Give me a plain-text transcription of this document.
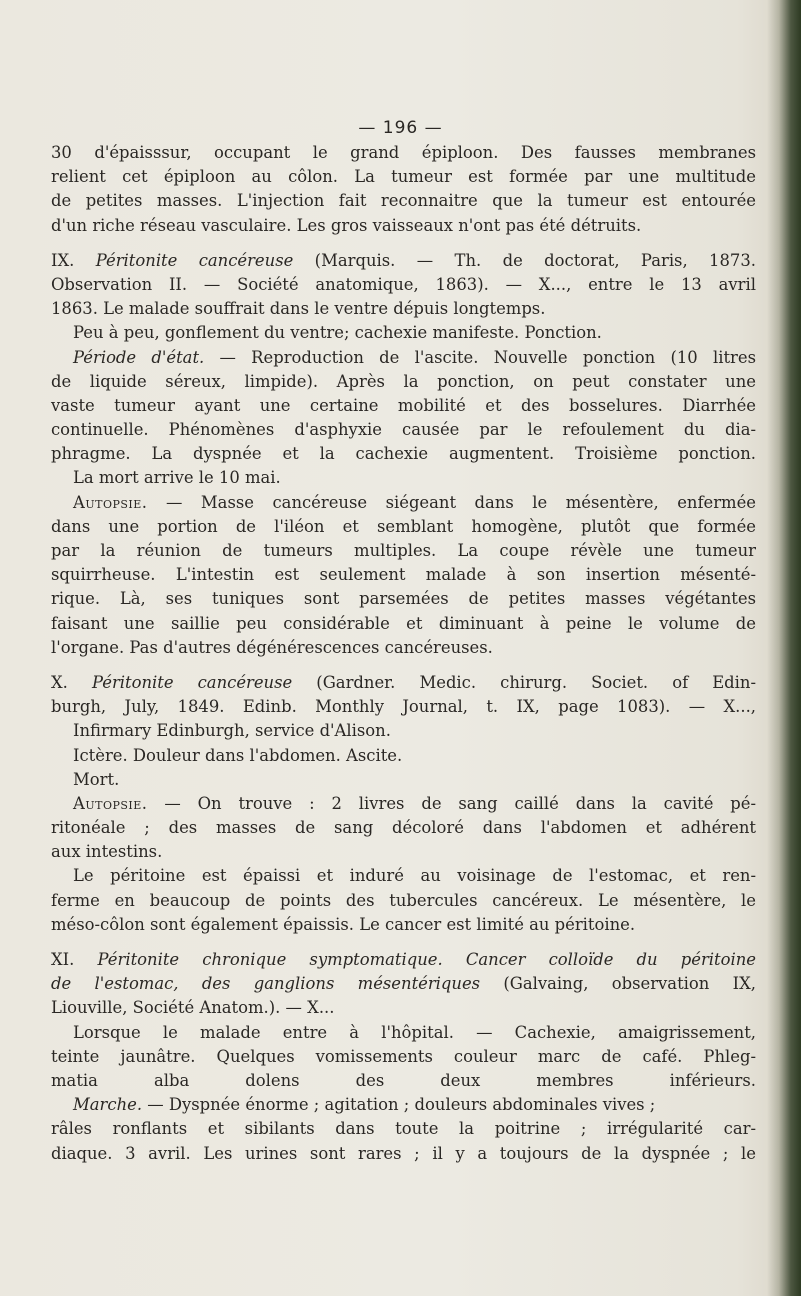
— 196 —
30 d'épaisssur, occupant le grand épiploon. Des fausses membranes
relient cet épiploon au côlon. La tumeur est formée par une multitude
de petites masses. L'injection fait reconnaitre que la tumeur est entourée
d'un riche réseau vasculaire. Les gros vaisseaux n'ont pas été détruits.
IX. Péritonite cancéreuse (Marquis. — Th. de doctorat, Paris, 1873.
Observation II. — Société anatomique, 1863). — X..., entre le 13 avril
1863. Le malade souffrait dans le ventre dépuis longtemps.
Peu à peu, gonflement du ventre; cachexie manifeste. Ponction.
Période d'état. — Reproduction de l'ascite. Nouvelle ponction (10 litres
de liquide séreux, limpide). Après la ponction, on peut constater une
vaste tumeur ayant une certaine mobilité et des bosselures. Diarrhée
continuelle. Phénomènes d'asphyxie causée par le refoulement du dia-
phragme. La dyspnée et la cachexie augmentent. Troisième ponction.
La mort arrive le 10 mai.
Autopsie. — Masse cancéreuse siégeant dans le mésentère, enfermée
dans une portion de l'iléon et semblant homogène, plutôt que formée
par la réunion de tumeurs multiples. La coupe révèle une tumeur
squirrheuse. L'intestin est seulement malade à son insertion mésenté-
rique. Là, ses tuniques sont parsemées de petites masses végétantes
faisant une saillie peu considérable et diminuant à peine le volume de
l'organe. Pas d'autres dégénérescences cancéreuses.
X. Péritonite cancéreuse (Gardner. Medic. chirurg. Societ. of Edin-
burgh, July, 1849. Edinb. Monthly Journal, t. IX, page 1083). — X...,
Infirmary Edinburgh, service d'Alison.
Ictère. Douleur dans l'abdomen. Ascite.
Mort.
Autopsie. — On trouve : 2 livres de sang caillé dans la cavité pé-
ritonéale ; des masses de sang décoloré dans l'abdomen et adhérent
aux intestins.
Le péritoine est épaissi et induré au voisinage de l'estomac, et ren-
ferme en beaucoup de points des tubercules cancéreux. Le mésentère, le
méso-côlon sont également épaissis. Le cancer est limité au péritoine.
XI. Péritonite chronique symptomatique. Cancer colloïde du péritoine
de l'estomac, des ganglions mésentériques (Galvaing, observation IX,
Liouville, Société Anatom.). — X...
Lorsque le malade entre à l'hôpital. — Cachexie, amaigrissement,
teinte jaunâtre. Quelques vomissements couleur marc de café. Phleg-
matia alba dolens des deux membres inférieurs.
Marche. — Dyspnée énorme ; agitation ; douleurs abdominales vives ;
râles ronflants et sibilants dans toute la poitrine ; irrégularité car-
diaque. 3 avril. Les urines sont rares ; il y a toujours de la dyspnée ; le
